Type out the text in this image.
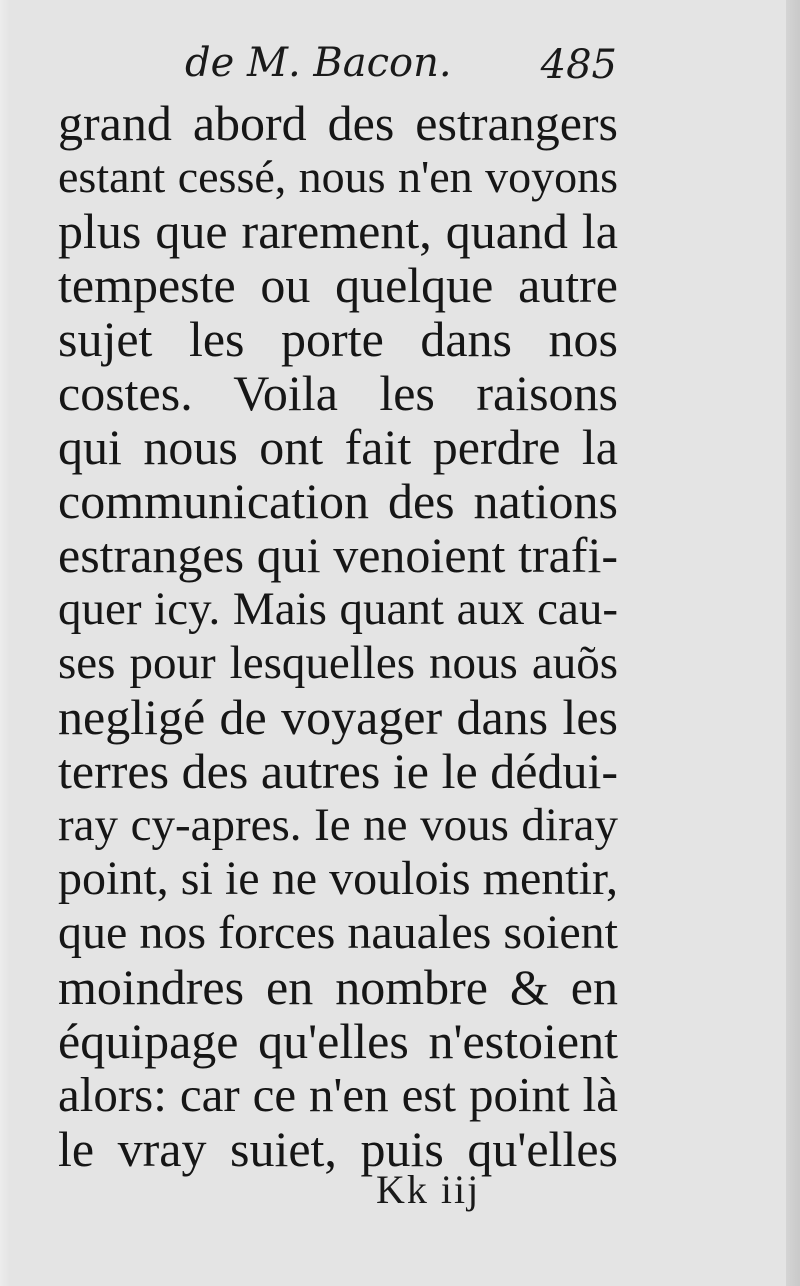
de M. Bacon. 485
grand abord des estrangers
estant cessé, nous n'en voyons
plus que rarement, quand la
tempeste ou quelque autre
sujet les porte dans nos
costes. Voila les raisons
qui nous ont fait perdre la
communication des nations
estranges qui venoient trafi-
quer icy. Mais quant aux cau-
ses pour lesquelles nous auõs
negligé de voyager dans les
terres des autres ie le dédui-
ray cy-apres. Ie ne vous diray
point, si ie ne voulois mentir,
que nos forces nauales soient
moindres en nombre & en
équipage qu'elles n'estoient
alors: car ce n'en est point là
le vray suiet, puis qu'elles
Kk iij
